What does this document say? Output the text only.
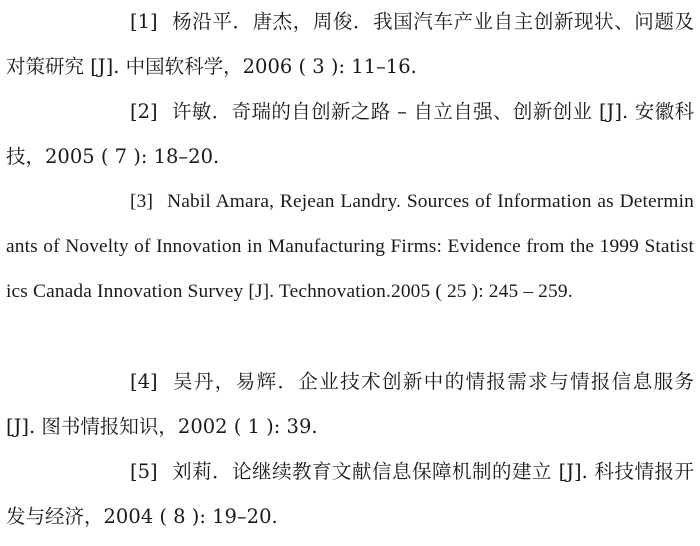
[1] 杨沿平．唐杰，周俊．我国汽车产业自主创新现状、问题及对策研究 [J]. 中国软科学，2006 ( 3 ): 11–16.
[2] 许敏．奇瑞的自创新之路 – 自立自强、创新创业 [J]. 安徽科技，2005 ( 7 ): 18–20.
[3] Nabil Amara, Rejean Landry. Sources of Information as Determinants of Novelty of Innovation in Manufacturing Firms: Evidence from the 1999 Statistics Canada Innovation Survey [J]. Technovation.2005 ( 25 ): 245 – 259.
[4] 吴丹，易辉．企业技术创新中的情报需求与情报信息服务 [J]. 图书情报知识，2002 ( 1 ): 39.
[5] 刘莉．论继续教育文献信息保障机制的建立 [J]. 科技情报开发与经济，2004 ( 8 ): 19–20.
